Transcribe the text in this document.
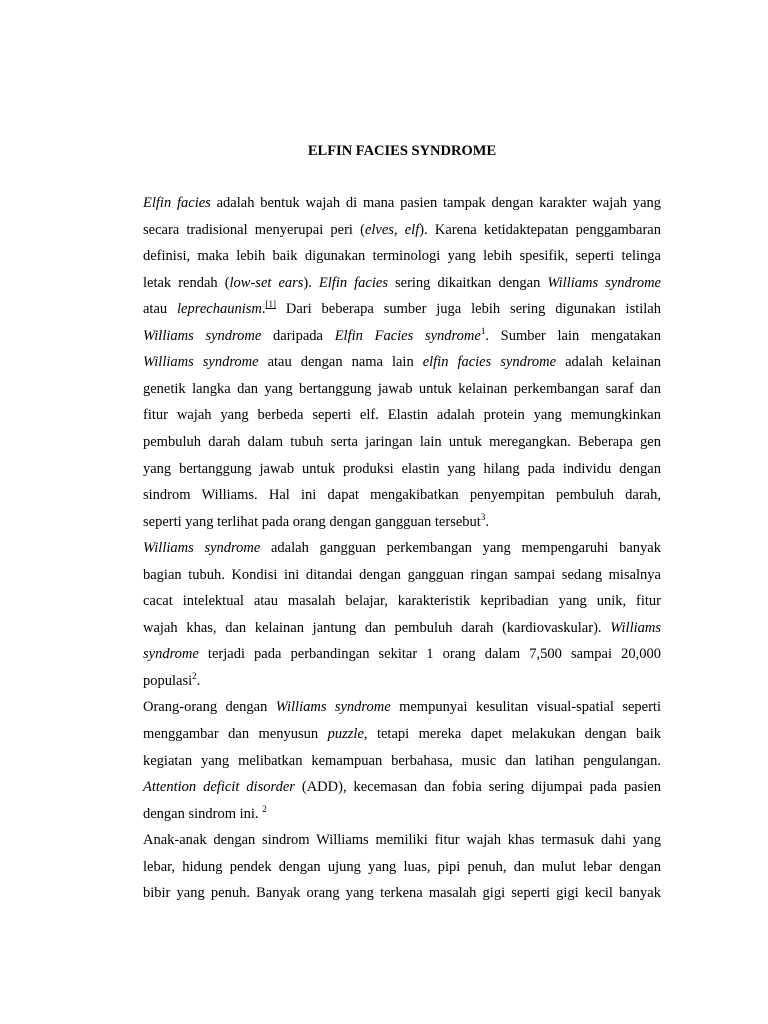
ELFIN FACIES SYNDROME
Elfin facies adalah bentuk wajah di mana pasien tampak dengan karakter wajah yang
secara tradisional menyerupai peri (elves, elf). Karena ketidaktepatan penggambaran
definisi, maka lebih baik digunakan terminologi yang lebih spesifik, seperti telinga
letak rendah (low-set ears). Elfin facies sering dikaitkan dengan Williams syndrome
atau leprechaunism.[1] Dari beberapa sumber juga lebih sering digunakan istilah
Williams syndrome daripada Elfin Facies syndrome$^1$. Sumber lain mengatakan
Williams syndrome atau dengan nama lain elfin facies syndrome adalah kelainan
genetik langka dan yang bertanggung jawab untuk kelainan perkembangan saraf dan
fitur wajah yang berbeda seperti elf. Elastin adalah protein yang memungkinkan
pembuluh darah dalam tubuh serta jaringan lain untuk meregangkan. Beberapa gen
yang bertanggung jawab untuk produksi elastin yang hilang pada individu dengan
sindrom Williams. Hal ini dapat mengakibatkan penyempitan pembuluh darah,
seperti yang terlihat pada orang dengan gangguan tersebut$^3$.
Williams syndrome adalah gangguan perkembangan yang mempengaruhi banyak
bagian tubuh. Kondisi ini ditandai dengan gangguan ringan sampai sedang misalnya
cacat intelektual atau masalah belajar, karakteristik kepribadian yang unik, fitur
wajah khas, dan kelainan jantung dan pembuluh darah (kardiovaskular). Williams
syndrome terjadi pada perbandingan sekitar 1 orang dalam 7,500 sampai 20,000
populasi$^2$.
Orang-orang dengan Williams syndrome mempunyai kesulitan visual-spatial seperti
menggambar dan menyusun puzzle, tetapi mereka dapet melakukan dengan baik
kegiatan yang melibatkan kemampuan berbahasa, music dan latihan pengulangan.
Attention deficit disorder (ADD), kecemasan dan fobia sering dijumpai pada pasien
dengan sindrom ini. $^2$
Anak-anak dengan sindrom Williams memiliki fitur wajah khas termasuk dahi yang
lebar, hidung pendek dengan ujung yang luas, pipi penuh, dan mulut lebar dengan
bibir yang penuh. Banyak orang yang terkena masalah gigi seperti gigi kecil banyak
